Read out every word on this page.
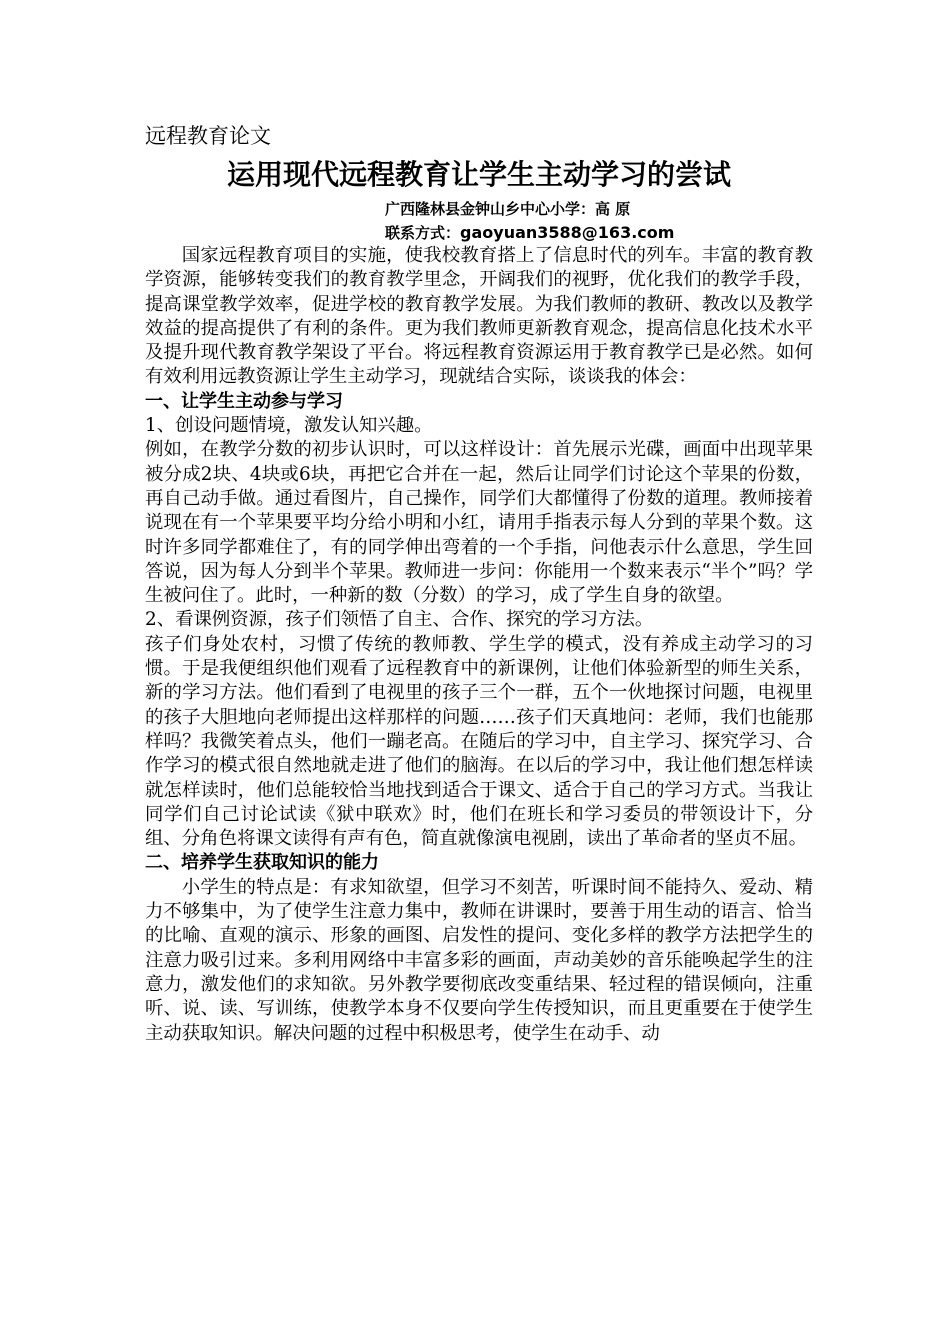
远程教育论文

运用现代远程教育让学生主动学习的尝试

广西隆林县金钟山乡中心小学：高 原

联系方式：gaoyuan3588@163.com

国家远程教育项目的实施，使我校教育搭上了信息时代的列车。丰富的教育教学资源，能够转变我们的教育教学里念，开阔我们的视野，优化我们的教学手段，提高课堂教学效率，促进学校的教育教学发展。为我们教师的教研、教改以及教学效益的提高提供了有利的条件。更为我们教师更新教育观念，提高信息化技术水平及提升现代教育教学架设了平台。将远程教育资源运用于教育教学已是必然。如何有效利用远教资源让学生主动学习，现就结合实际，谈谈我的体会：

一、让学生主动参与学习

1、创设问题情境，激发认知兴趣。

例如，在教学分数的初步认识时，可以这样设计：首先展示光碟，画面中出现苹果被分成2块、4块或6块，再把它合并在一起，然后让同学们讨论这个苹果的份数，再自己动手做。通过看图片，自己操作，同学们大都懂得了份数的道理。教师接着说现在有一个苹果要平均分给小明和小红，请用手指表示每人分到的苹果个数。这时许多同学都难住了，有的同学伸出弯着的一个手指，问他表示什么意思，学生回答说，因为每人分到半个苹果。教师进一步问：你能用一个数来表示“半个”吗？学生被问住了。此时，一种新的数（分数）的学习，成了学生自身的欲望。

2、看课例资源，孩子们领悟了自主、合作、探究的学习方法。

孩子们身处农村，习惯了传统的教师教、学生学的模式，没有养成主动学习的习惯。于是我便组织他们观看了远程教育中的新课例，让他们体验新型的师生关系，新的学习方法。他们看到了电视里的孩子三个一群，五个一伙地探讨问题，电视里的孩子大胆地向老师提出这样那样的问题……孩子们天真地问：老师，我们也能那样吗？我微笑着点头，他们一蹦老高。在随后的学习中，自主学习、探究学习、合作学习的模式很自然地就走进了他们的脑海。在以后的学习中，我让他们想怎样读就怎样读时，他们总能较恰当地找到适合于课文、适合于自己的学习方式。当我让同学们自己讨论试读《狱中联欢》时，他们在班长和学习委员的带领设计下，分组、分角色将课文读得有声有色，简直就像演电视剧，读出了革命者的坚贞不屈。

二、培养学生获取知识的能力

小学生的特点是：有求知欲望，但学习不刻苦，听课时间不能持久、爱动、精力不够集中，为了使学生注意力集中，教师在讲课时，要善于用生动的语言、恰当的比喻、直观的演示、形象的画图、启发性的提问、变化多样的教学方法把学生的注意力吸引过来。多利用网络中丰富多彩的画面，声动美妙的音乐能唤起学生的注意力，激发他们的求知欲。另外教学要彻底改变重结果、轻过程的错误倾向，注重听、说、读、写训练，使教学本身不仅要向学生传授知识，而且更重要在于使学生主动获取知识。解决问题的过程中积极思考，使学生在动手、动
